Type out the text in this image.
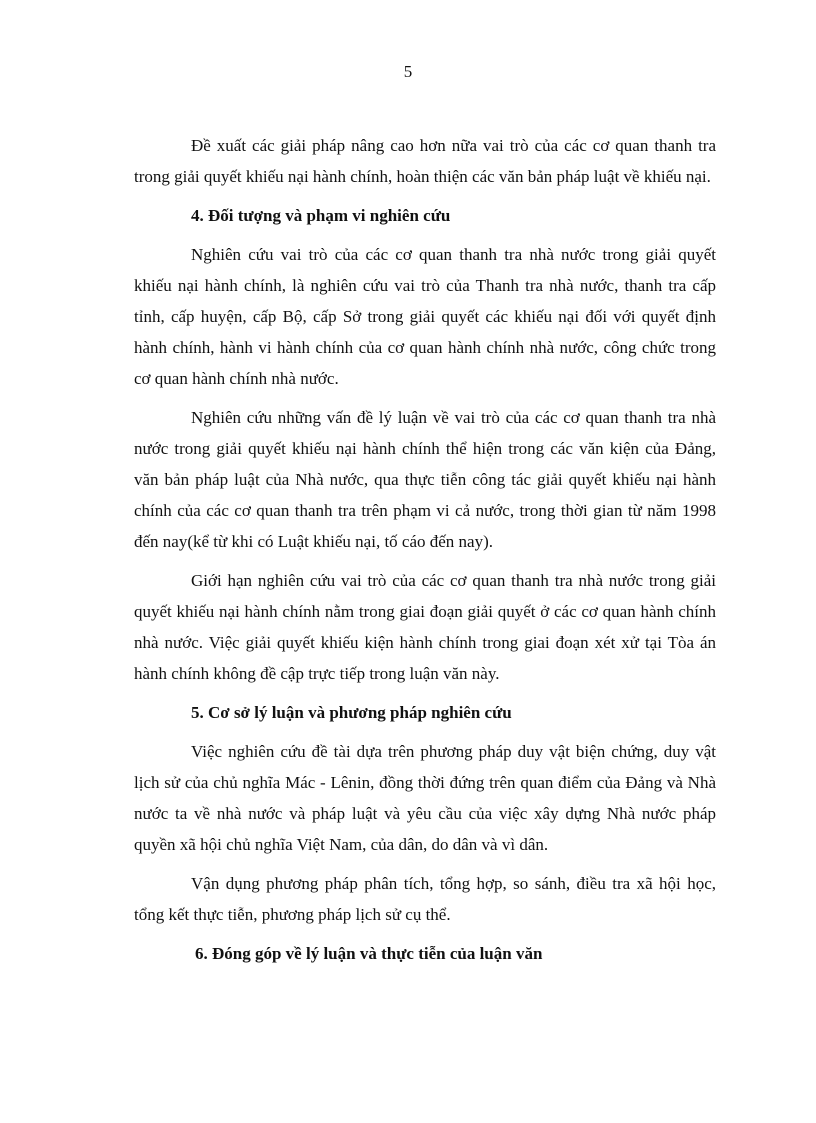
5

Đề xuất các giải pháp nâng cao hơn nữa vai trò của các cơ quan thanh tra trong giải quyết khiếu nại hành chính, hoàn thiện các văn bản pháp luật về khiếu nại.

4. Đối tượng và phạm vi nghiên cứu

Nghiên cứu vai trò của các cơ quan thanh tra nhà nước trong giải quyết khiếu nại hành chính, là nghiên cứu vai trò của Thanh tra nhà nước, thanh tra cấp tỉnh, cấp huyện, cấp Bộ, cấp Sở trong giải quyết các khiếu nại đối với quyết định hành chính, hành vi hành chính của cơ quan hành chính nhà nước, công chức trong cơ quan hành chính nhà nước.

Nghiên cứu những vấn đề lý luận về vai trò của các cơ quan thanh tra nhà nước trong giải quyết khiếu nại hành chính thể hiện trong các văn kiện của Đảng, văn bản pháp luật của Nhà nước, qua thực tiễn công tác giải quyết khiếu nại hành chính của các cơ quan thanh tra trên phạm vi cả nước, trong thời gian từ năm 1998 đến nay(kể từ khi có Luật khiếu nại, tố cáo đến nay).

Giới hạn nghiên cứu vai trò của các cơ quan thanh tra nhà nước trong giải quyết khiếu nại hành chính nằm trong giai đoạn giải quyết ở các cơ quan hành chính nhà nước. Việc giải quyết khiếu kiện hành chính trong giai đoạn xét xử tại Tòa án hành chính không đề cập trực tiếp trong luận văn này.

5. Cơ sở lý luận và phương pháp nghiên cứu

Việc nghiên cứu đề tài dựa trên phương pháp duy vật biện chứng, duy vật lịch sử của chủ nghĩa Mác - Lênin, đồng thời đứng trên quan điểm của Đảng và Nhà nước ta về nhà nước và pháp luật và yêu cầu của việc xây dựng Nhà nước pháp quyền xã hội chủ nghĩa Việt Nam, của dân, do dân và vì dân.

Vận dụng phương pháp phân tích, tổng hợp, so sánh, điều tra xã hội học, tổng kết thực tiễn, phương pháp lịch sử cụ thể.

6. Đóng góp về lý luận và thực tiễn của luận văn
